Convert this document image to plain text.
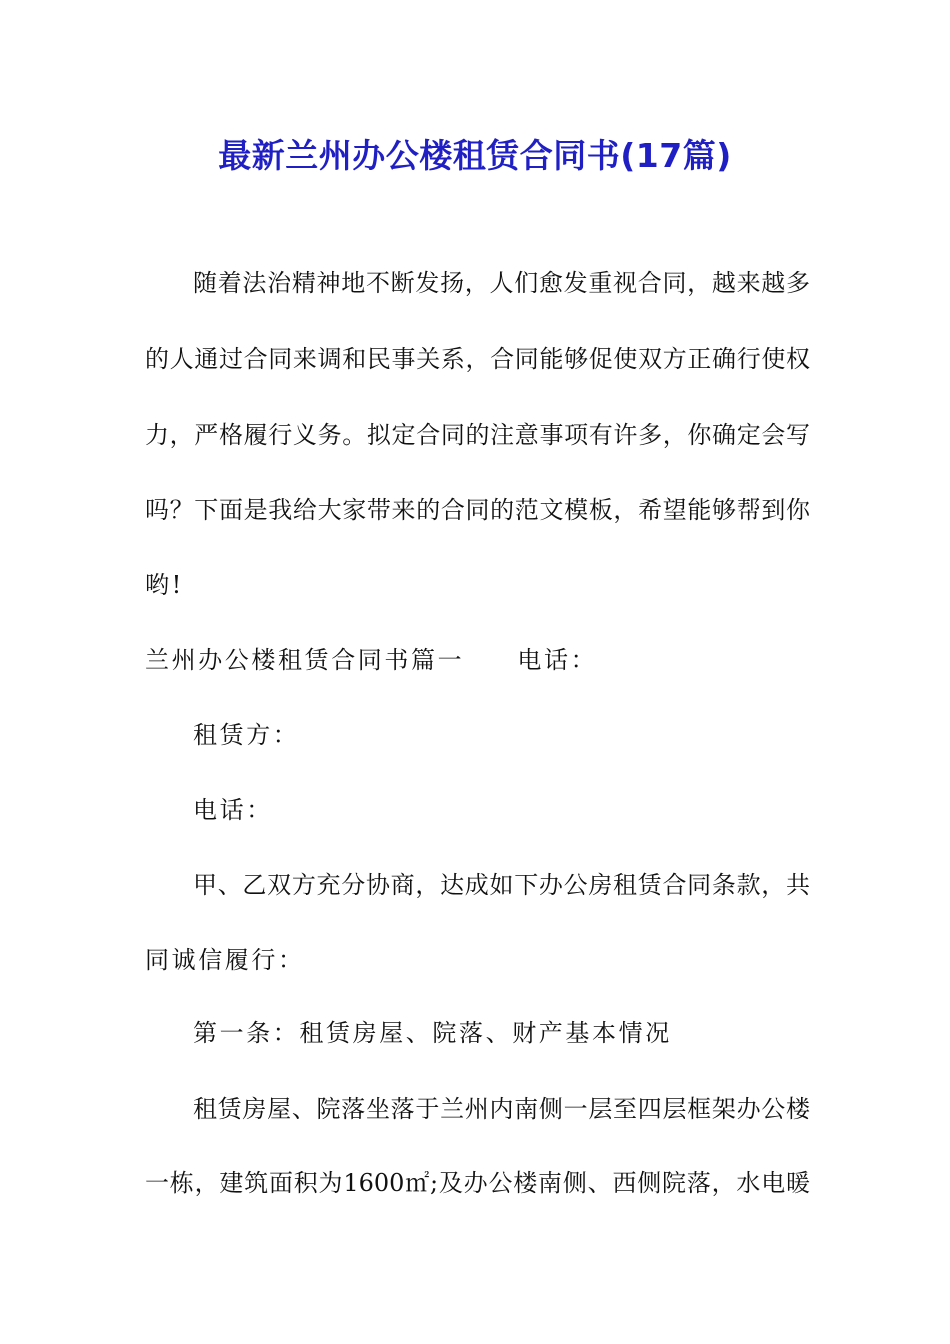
最新兰州办公楼租赁合同书(17篇)
随着法治精神地不断发扬，人们愈发重视合同，越来越多
的人通过合同来调和民事关系，合同能够促使双方正确行使权
力，严格履行义务。拟定合同的注意事项有许多，你确定会写
吗？下面是我给大家带来的合同的范文模板，希望能够帮到你
哟!
兰州办公楼租赁合同书篇一　　电话：
租赁方：
电话：
甲、乙双方充分协商，达成如下办公房租赁合同条款，共
同诚信履行：
第一条：租赁房屋、院落、财产基本情况
租赁房屋、院落坐落于兰州内南侧一层至四层框架办公楼
一栋，建筑面积为1600㎡;及办公楼南侧、西侧院落，水电暖
